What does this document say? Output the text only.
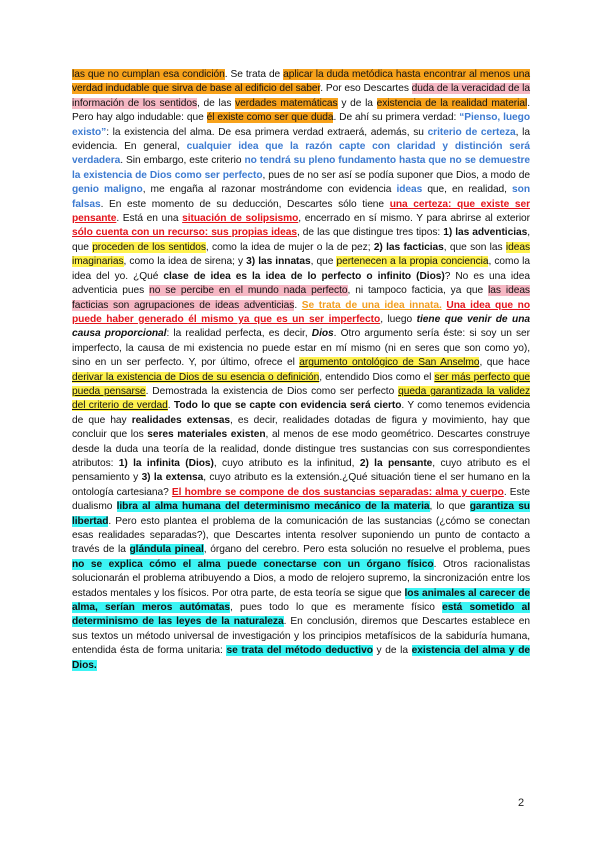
las que no cumplan esa condición. Se trata de aplicar la duda metódica hasta encontrar al menos una verdad indudable que sirva de base al edificio del saber. Por eso Descartes duda de la veracidad de la información de los sentidos, de las verdades matemáticas y de la existencia de la realidad material. Pero hay algo indudable: que él existe como ser que duda. De ahí su primera verdad: “Pienso, luego existo”: la existencia del alma. De esa primera verdad extraerá, además, su criterio de certeza, la evidencia. En general, cualquier idea que la razón capte con claridad y distinción será verdadera. Sin embargo, este criterio no tendrá su pleno fundamento hasta que no se demuestre la existencia de Dios como ser perfecto, pues de no ser así se podía suponer que Dios, a modo de genio maligno, me engaña al razonar mostrándome con evidencia ideas que, en realidad, son falsas. En este momento de su deducción, Descartes sólo tiene una certeza: que existe ser pensante. Está en una situación de solipsismo, encerrado en sí mismo. Y para abrirse al exterior sólo cuenta con un recurso: sus propias ideas, de las que distingue tres tipos: 1) las adventicias, que proceden de los sentidos, como la idea de mujer o la de pez; 2) las facticias, que son las ideas imaginarias, como la idea de sirena; y 3) las innatas, que pertenecen a la propia conciencia, como la idea del yo. ¿Qué clase de idea es la idea de lo perfecto o infinito (Dios)? No es una idea adventicia pues no se percibe en el mundo nada perfecto, ni tampoco facticia, ya que las ideas facticias son agrupaciones de ideas adventicias. Se trata de una idea innata. Una idea que no puede haber generado él mismo ya que es un ser imperfecto, luego tiene que venir de una causa proporcional: la realidad perfecta, es decir, Dios. Otro argumento sería éste: si soy un ser imperfecto, la causa de mi existencia no puede estar en mí mismo (ni en seres que son como yo), sino en un ser perfecto. Y, por último, ofrece el argumento ontológico de San Anselmo, que hace derivar la existencia de Dios de su esencia o definición, entendido Dios como el ser más perfecto que pueda pensarse. Demostrada la existencia de Dios como ser perfecto queda garantizada la validez del criterio de verdad. Todo lo que se capte con evidencia será cierto. Y como tenemos evidencia de que hay realidades extensas, es decir, realidades dotadas de figura y movimiento, hay que concluir que los seres materiales existen, al menos de ese modo geométrico. Descartes construye desde la duda una teoría de la realidad, donde distingue tres sustancias con sus correspondientes atributos: 1) la infinita (Dios), cuyo atributo es la infinitud, 2) la pensante, cuyo atributo es el pensamiento y 3) la extensa, cuyo atributo es la extensión.¿Qué situación tiene el ser humano en la ontología cartesiana? El hombre se compone de dos sustancias separadas: alma y cuerpo. Este dualismo libra al alma humana del determinismo mecánico de la materia, lo que garantiza su libertad. Pero esto plantea el problema de la comunicación de las sustancias (¿cómo se conectan esas realidades separadas?), que Descartes intenta resolver suponiendo un punto de contacto a través de la glándula pineal, órgano del cerebro. Pero esta solución no resuelve el problema, pues no se explica cómo el alma puede conectarse con un órgano físico. Otros racionalistas solucionarán el problema atribuyendo a Dios, a modo de relojero supremo, la sincronización entre los estados mentales y los físicos. Por otra parte, de esta teoría se sigue que los animales al carecer de alma, serían meros autómatas, pues todo lo que es meramente físico está sometido al determinismo de las leyes de la naturaleza. En conclusión, diremos que Descartes establece en sus textos un método universal de investigación y los principios metafísicos de la sabiduría humana, entendida ésta de forma unitaria: se trata del método deductivo y de la existencia del alma y de Dios.
2
